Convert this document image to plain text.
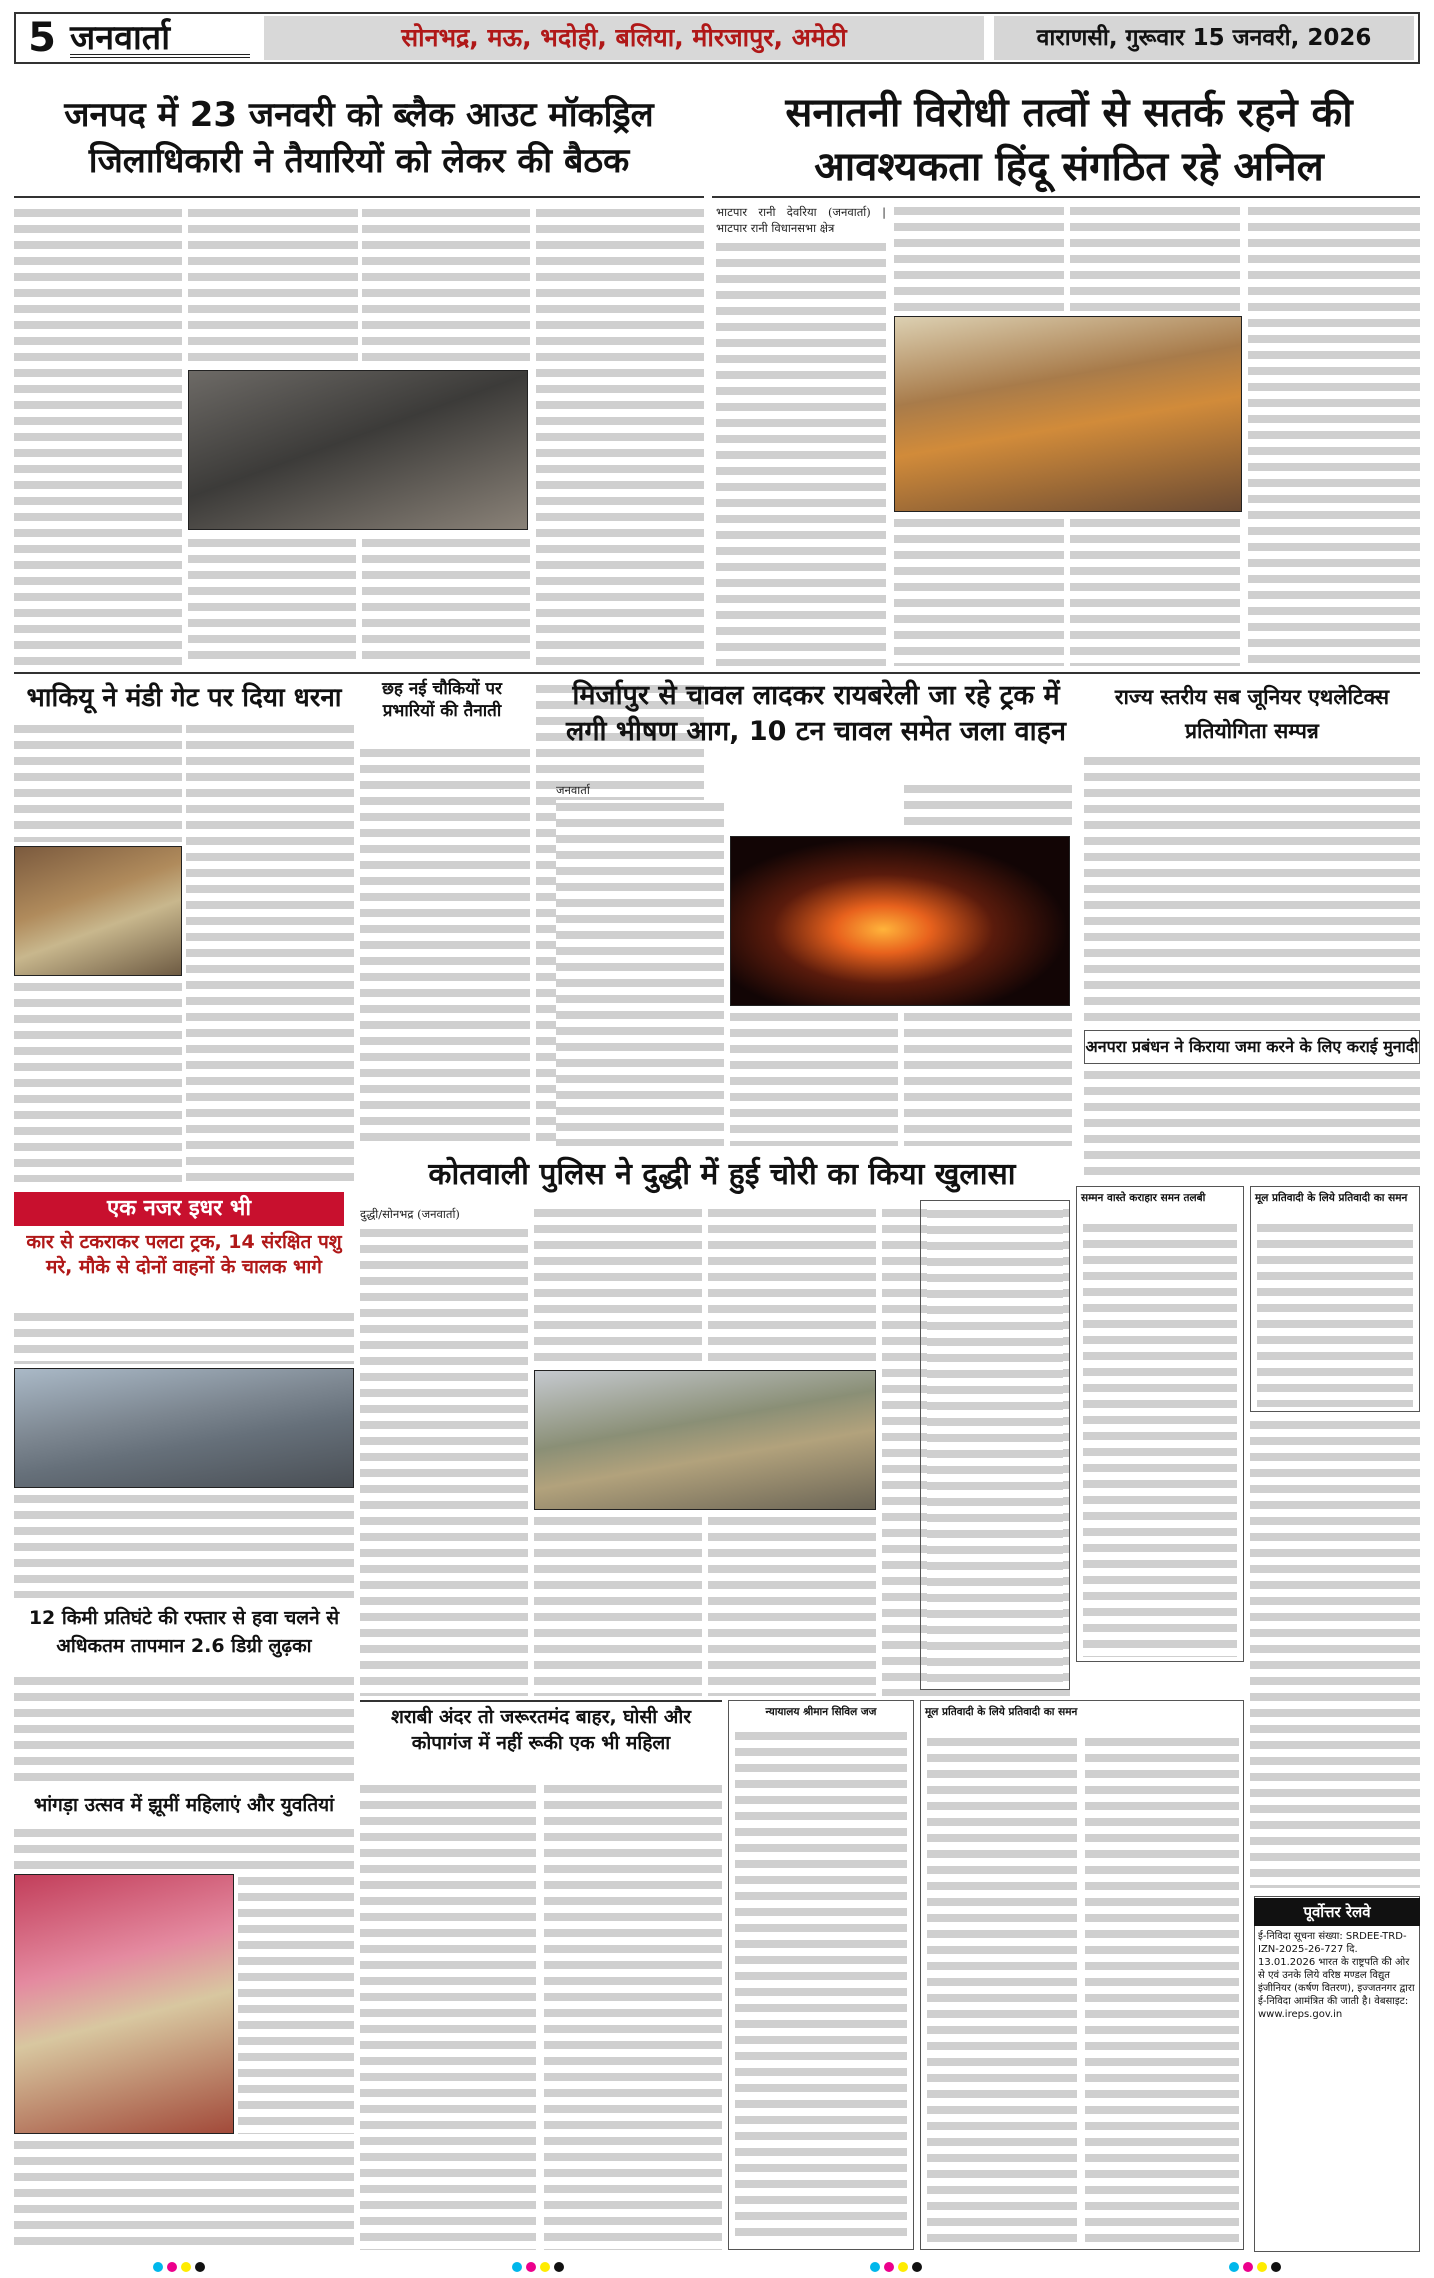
5 जनवार्ता	सोनभद्र, मऊ, भदोही, बलिया, मीरजापुर, अमेठी	वाराणसी, गुरूवार 15 जनवरी, 2026
जनपद में 23 जनवरी को ब्लैक आउट मॉकड्रिल जिलाधिकारी ने तैयारियों को लेकर की बैठक
सनातनी विरोधी तत्वों से सतर्क रहने की आवश्यकता हिंदू संगठित रहे अनिल
भाटपार रानी देवरिया (जनवार्ता) | भाटपार रानी विधानसभा क्षेत्र
भाकियू ने मंडी गेट पर दिया धरना	छह नई चौकियों पर प्रभारियों की तैनाती	मिर्जापुर से चावल लादकर रायबरेली जा रहे ट्रक में लगी भीषण आग, 10 टन चावल समेत जला वाहन
जनवार्ता
राज्य स्तरीय सब जूनियर एथलेटिक्स प्रतियोगिता सम्पन्न
अनपरा प्रबंधन ने किराया जमा करने के लिए कराई मुनादी
कोतवाली पुलिस ने दुद्धी में हुई चोरी का किया खुलासा
दुद्धी/सोनभद्र (जनवार्ता)
एक नजर इधर भी
कार से टकराकर पलटा ट्रक, 14 संरक्षित पशु मरे, मौके से दोनों वाहनों के चालक भागे
12 किमी प्रतिघंटे की रफ्तार से हवा चलने से अधिकतम तापमान 2.6 डिग्री लुढ़का
भांगड़ा उत्सव में झूमीं महिलाएं और युवतियां
शराबी अंदर तो जरूरतमंद बाहर, घोसी और कोपागंज में नहीं रूकी एक भी महिला
न्यायालय श्रीमान सिविल जज
सम्मन वास्ते कराहार समन तलबी	मूल प्रतिवादी के लिये प्रतिवादी का समन
मूल प्रतिवादी के लिये प्रतिवादी का समन
पूर्वोत्तर रेलवे
ई-निविदा सूचना संख्या: SRDEE-TRD-IZN-2025-26-727 दि. 13.01.2026 भारत के राष्ट्रपति की ओर से एवं उनके लिये वरिष्ठ मण्डल विद्युत इंजीनियर (कर्षण वितरण), इज्जतनगर द्वारा ई-निविदा आमंत्रित की जाती है। वेबसाइट: www.ireps.gov.in
